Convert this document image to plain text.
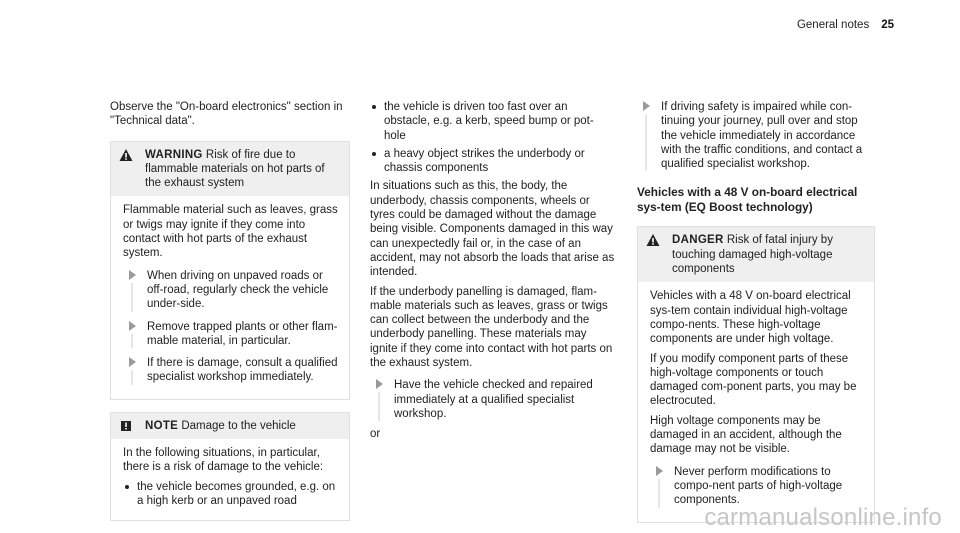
General notes 25

Observe the "On-board electronics" section in "Technical data".

WARNING Risk of fire due to flammable materials on hot parts of the exhaust system

Flammable material such as leaves, grass or twigs may ignite if they come into contact with hot parts of the exhaust system.

When driving on unpaved roads or off-road, regularly check the vehicle under-side.
Remove trapped plants or other flam-mable material, in particular.
If there is damage, consult a qualified specialist workshop immediately.
NOTE Damage to the vehicle

In the following situations, in particular, there is a risk of damage to the vehicle:

the vehicle becomes grounded, e.g. on a high kerb or an unpaved road
the vehicle is driven too fast over an obstacle, e.g. a kerb, speed bump or pot-hole
a heavy object strikes the underbody or chassis components

In situations such as this, the body, the underbody, chassis components, wheels or tyres could be damaged without the damage being visible. Components damaged in this way can unexpectedly fail or, in the case of an accident, may not absorb the loads that arise as intended.

If the underbody panelling is damaged, flam-mable materials such as leaves, grass or twigs can collect between the underbody and the underbody panelling. These materials may ignite if they come into contact with hot parts on the exhaust system.

Have the vehicle checked and repaired immediately at a qualified specialist workshop.

or

If driving safety is impaired while con-tinuing your journey, pull over and stop the vehicle immediately in accordance with the traffic conditions, and contact a qualified specialist workshop.
Vehicles with a 48 V on-board electrical sys-tem (EQ Boost technology)
DANGER Risk of fatal injury by touching damaged high-voltage components

Vehicles with a 48 V on-board electrical sys-tem contain individual high-voltage compo-nents. These high-voltage components are under high voltage.

If you modify component parts of these high-voltage components or touch damaged com-ponent parts, you may be electrocuted.

High voltage components may be damaged in an accident, although the damage may not be visible.

Never perform modifications to compo-nent parts of high-voltage components.
carmanualsonline.info
